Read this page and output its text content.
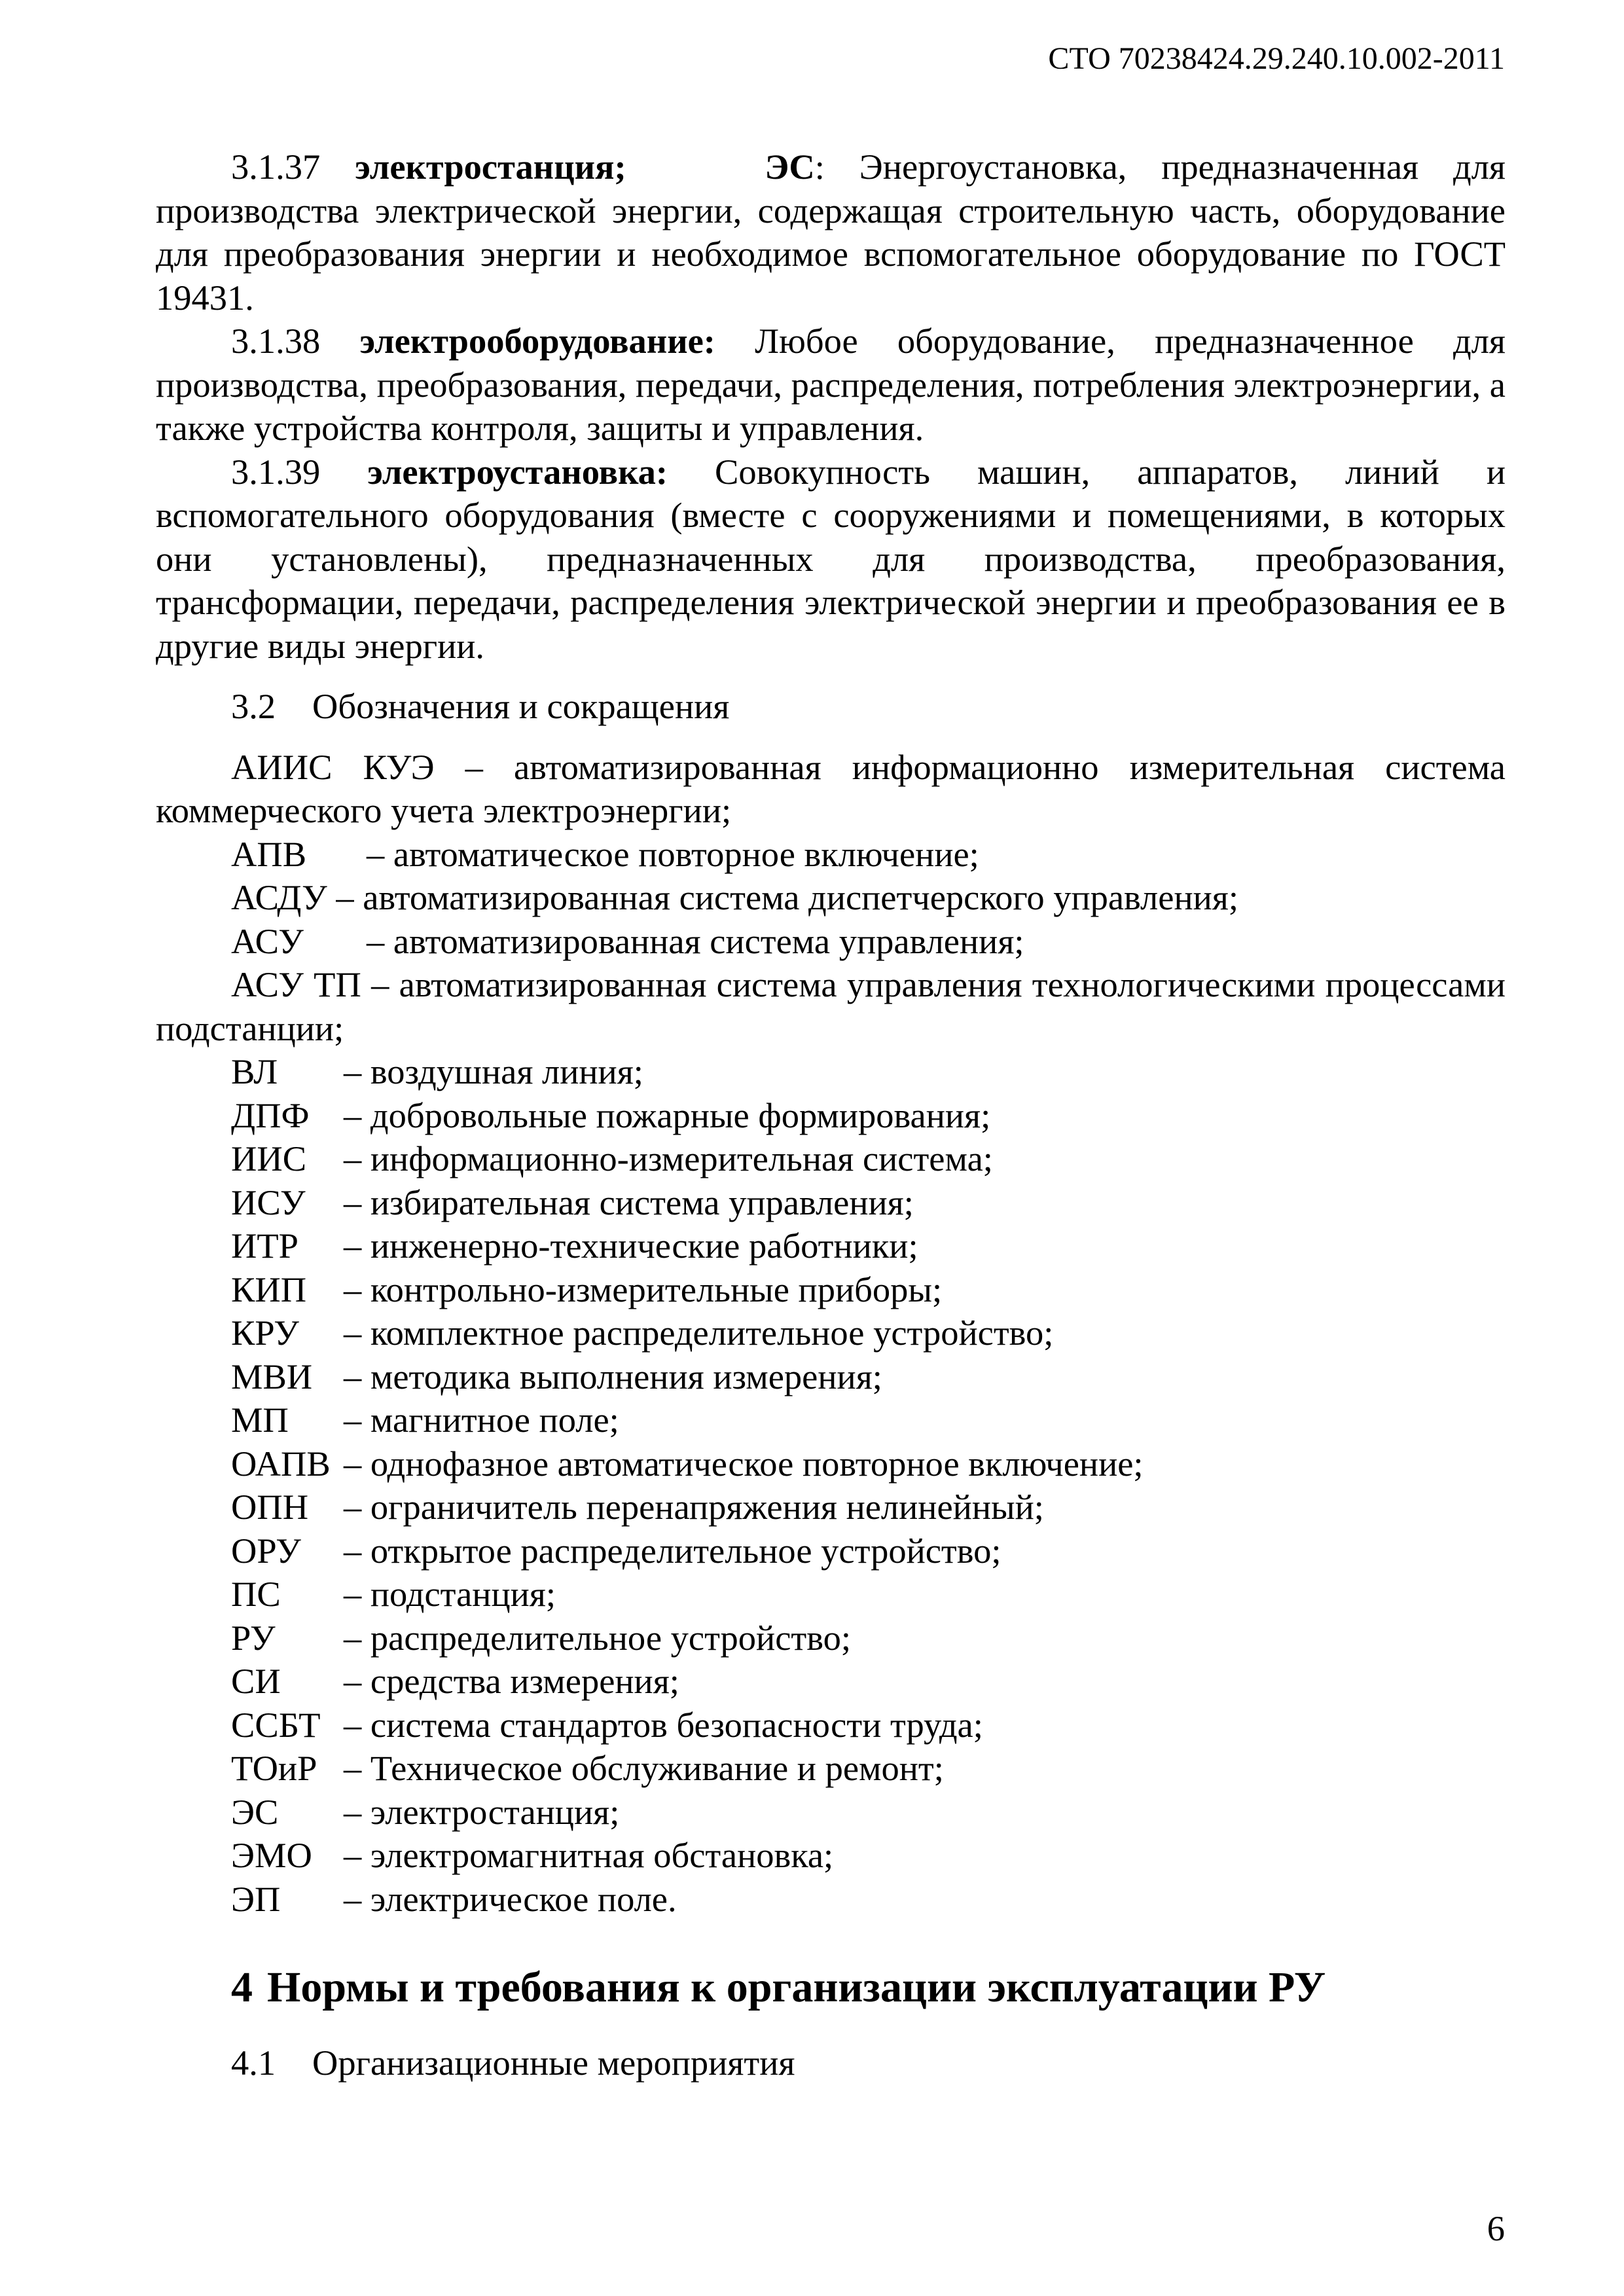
СТО 70238424.29.240.10.002-2011

3.1.37 электростанция;	ЭС: Энергоустановка, предназначенная для производства электрической энергии, содержащая строительную часть, оборудование для преобразования энергии и необходимое вспомогательное оборудование по ГОСТ 19431.

3.1.38 электрооборудование: Любое оборудование, предназначенное для производства, преобразования, передачи, распределения, потребления электроэнергии, а также устройства контроля, защиты и управления.

3.1.39 электроустановка: Совокупность машин, аппаратов, линий и вспомогательного оборудования (вместе с сооружениями и помещениями, в которых они установлены), предназначенных для производства, преобразования, трансформации, передачи, распределения электрической энергии и преобразования ее в другие виды энергии.

3.2 Обозначения и сокращения

АИИС КУЭ – автоматизированная информационно измерительная система коммерческого учета электроэнергии;

АПВ – автоматическое повторное включение;
АСДУ – автоматизированная система диспетчерского управления;
АСУ – автоматизированная система управления;

АСУ ТП – автоматизированная система управления технологическими процессами подстанции;

ВЛ – воздушная линия;
ДПФ – добровольные пожарные формирования;
ИИС – информационно-измерительная система;
ИСУ – избирательная система управления;
ИТР – инженерно-технические работники;
КИП – контрольно-измерительные приборы;
КРУ – комплектное распределительное устройство;
МВИ – методика выполнения измерения;
МП – магнитное поле;
ОАПВ – однофазное автоматическое повторное включение;
ОПН – ограничитель перенапряжения нелинейный;
ОРУ – открытое распределительное устройство;
ПС – подстанция;
РУ – распределительное устройство;
СИ – средства измерения;
ССБТ – система стандартов безопасности труда;
ТОиР – Техническое обслуживание и ремонт;
ЭС – электростанция;
ЭМО – электромагнитная обстановка;
ЭП – электрическое поле.
4 Нормы и требования к организации эксплуатации РУ
4.1 Организационные мероприятия
6
